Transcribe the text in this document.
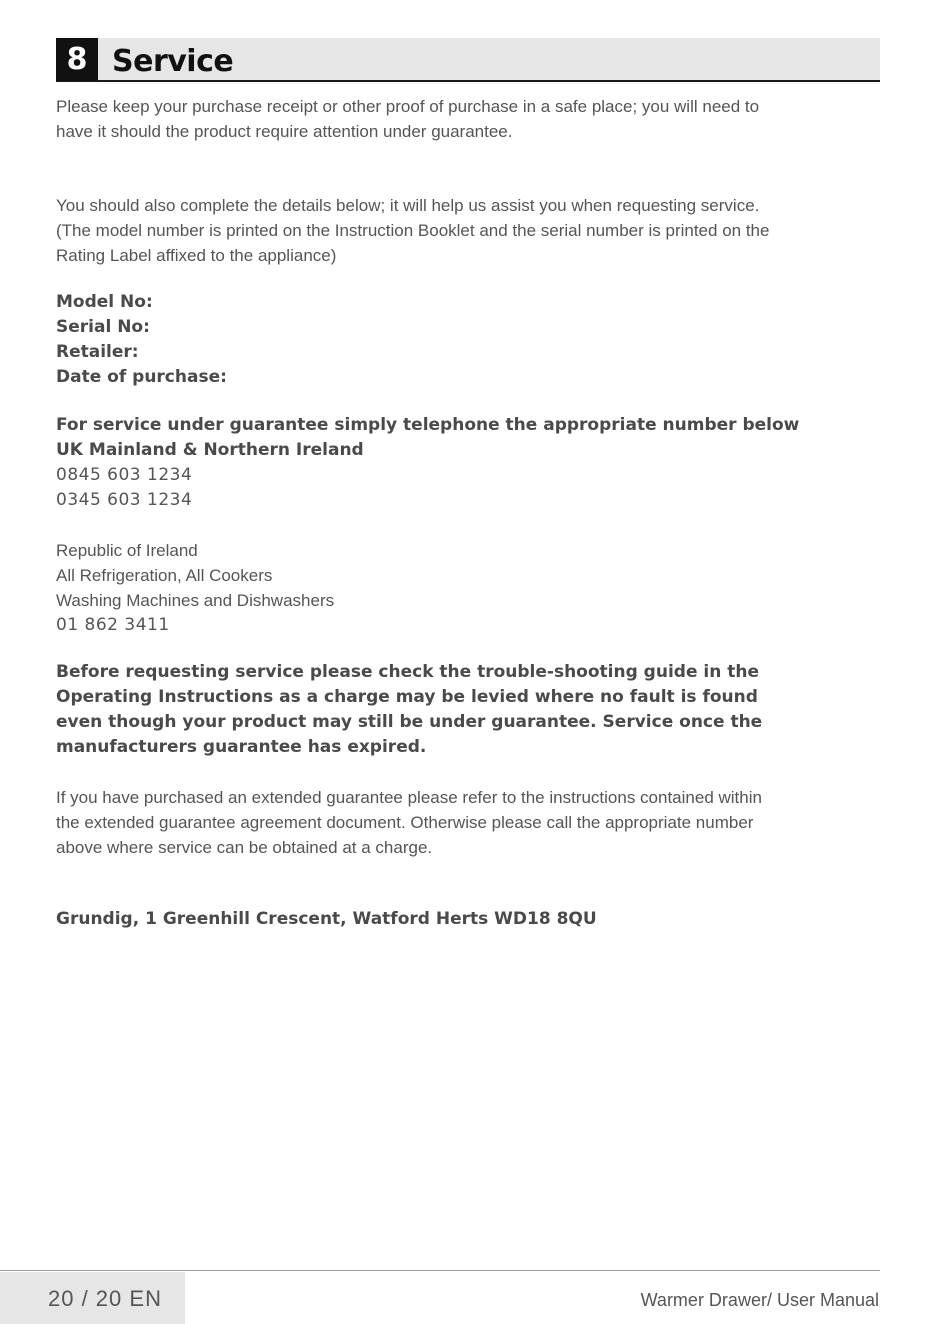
8 Service

Please keep your purchase receipt or other proof of purchase in a safe place; you will need to
have it should the product require attention under guarantee.

You should also complete the details below; it will help us assist you when requesting service.
(The model number is printed on the Instruction Booklet and the serial number is printed on the
Rating Label affixed to the appliance)

Model No:
Serial No:
Retailer:
Date of purchase:
For service under guarantee simply telephone the appropriate number below
UK Mainland & Northern Ireland
0845 603 1234
0345 603 1234

Republic of Ireland
All Refrigeration, All Cookers
Washing Machines and Dishwashers
01 862 3411

Before requesting service please check the trouble-shooting guide in the
Operating Instructions as a charge may be levied where no fault is found
even though your product may still be under guarantee. Service once the
manufacturers guarantee has expired.

If you have purchased an extended guarantee please refer to the instructions contained within
the extended guarantee agreement document. Otherwise please call the appropriate number
above where service can be obtained at a charge.

Grundig, 1 Greenhill Crescent, Watford Herts WD18 8QU
20 / 20 EN	Warmer Drawer/ User Manual
